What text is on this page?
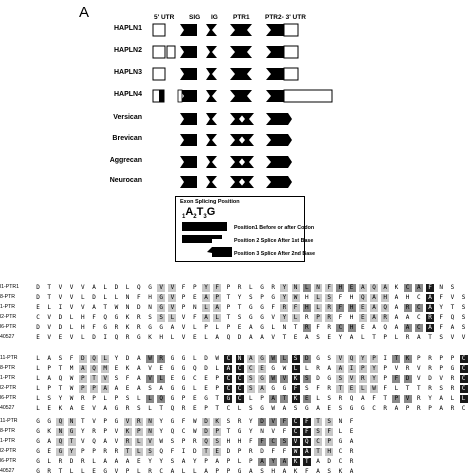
A	5' UTR SIG IG PTR1 PTR2- 3' UTR
HAPLN1
HAPLN2
HAPLN3
HAPLN4
Versican
Brevican
Aggrecan
Neurocan
Exon Splicing Position
$_1A_2T_3G$
Position1 Before or after Codon
Position 2 Splice After 1st Base
Position 3 Splice After 2nd Base
l1-PTR1	D	T	V	V	V	A	L	D	L	Q	G	V	V	F	P	Y	F	P	R	L	G	R	Y	N	L	N	F	H	E	A	Q	A	K	C	A	F	N	S
8-PTR	D	T	V	V	L	D	L	L	N	F	H	G	V	P	E	A	P	T	Y	S	P	G	Y	W	H	L	S	F	H	Q	A	H	A	H	C	A	F	V	S
1-PTR	E	L	I	V	V	A	T	W	N	D	N	G	V	P	N	L	A	P	T	G	G	F	R	F	H	L	R	F	H	E	A	Q	A	R	C	A	Y	T	S
l2-PTR	C	V	D	L	H	F	Q	G	K	R	S	S	L	V	F	A	L	T	S	G	G	V	Y	L	R	P	R	F	H	E	A	R	A	A	C	R	F	Q	S
l6-PTR	D	V	D	L	H	F	G	R	K	R	G	G	A	V	L	P	L	P	E	A	G	L	N	T	R	F	R	C	H	E	A	Q	A	A	C	A	F	A	S
40527	E	V	E	V	L	D	I	Q	R	G	K	H	L	V	E	L	A	Q	D	A	A	V	T	E	A	S	E	Y	A	L	T	P	L	R	A	T	S	V	V
11-PTR	L	A	S	F	D	Q	L	Y	D	A	W	R	G	G	L	D	W	C	N	A	G	W	L	S	D	G	S	V	Q	Y	P	I	T	K	P	R	P	P	C
8-PTR	L	P	T	M	A	Q	M	E	K	A	V	E	G	G	Q	D	L	A	C	C	E	G	W	L	L	R	A	A	I	P	Y	P	V	R	V	R	P	G	C
1-PTR	L	A	Q	W	P	T	V	S	F	A	V	L	E	G	C	E	P	C	C	S	G	W	V	K	S	D	G	S	V	R	Y	P	F	D	V	D	V	R	C
l2-PTR	L	P	T	W	P	P	A	A	E	A	S	A	G	G	L	E	P	C	C	S	A	G	G	F	S	F	R	T	E	L	W	F	L	T	T	R	S	R	C
l6-PTR	L	S	Y	W	R	P	L	P	S	L	L	Q	G	P	E	G	T	G	C	L	P	A	T	K	E	L	S	R	Q	A	F	T	P	V	R	Y	A	L	L
40527	L	E	K	A	E	V	A	G	R	S	L	T	Q	R	E	P	T	C	L	S	G	W	A	S	G	A	E	S	G	G	C	R	A	P	R	P	A	R	C
11-PTR	G	G	Q	N	T	V	P	G	V	R	N	Y	G	F	W	D	K	S	R	Y	D	V	F	C	F	T	S	N	F
8-PTR	G	K	N	G	Y	R	P	V	K	P	N	Y	Q	C	W	D	P	T	G	Y	N	V	F	C	F	S	F	L	E
1-PTR	G	A	Q	T	V	Q	A	V	R	L	V	W	S	P	R	Q	S	H	H	F	F	C	S	V	Q	C	P	G	A
l2-PTR	G	E	G	Y	P	P	R	R	T	L	S	Q	F	I	D	T	E	D	P	R	D	F	F	W	A	T	H	C	R
l6-PTR	G	L	R	D	R	L	A	A	A	E	Y	Y	S	A	Y	P	A	P	L	P	A	Y	A	K	T	A	D	C	R
40527	G	R	T	L	L	E	G	V	P	L	R	C	A	L	L	A	P	P	G	A	S	H	A	K	F	A	S	K	A
